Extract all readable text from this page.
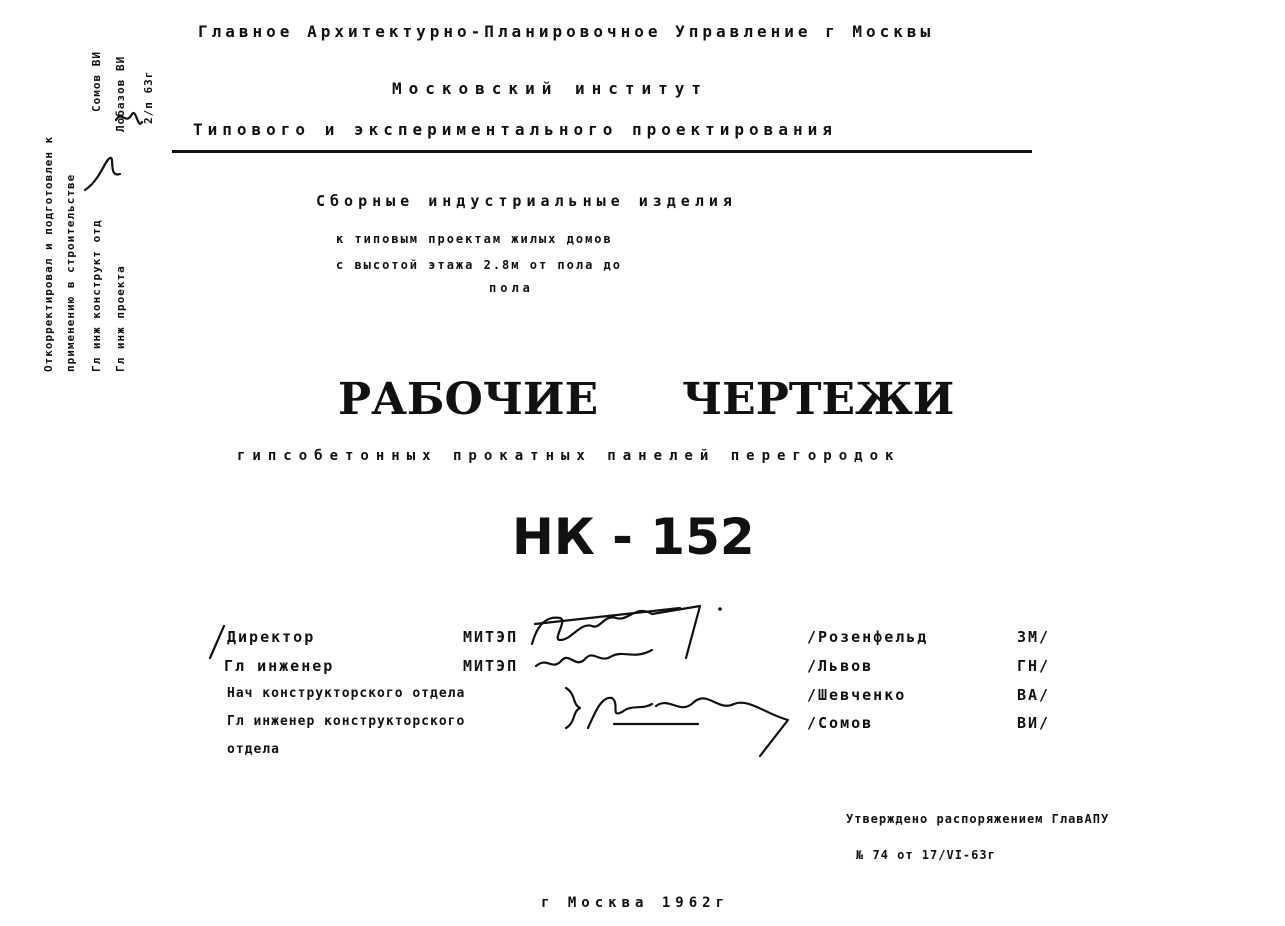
Откорректировал и подготовлен к применению в строительстве Гл инж конструкт отд
Сомов ВИ
Гл инж проекта
Лобазов ВИ 2/п 63г
Главное Архитектурно-Планировочное Управление г Москвы
Московский институт
Типового и экспериментального проектирования
Сборные индустриальные изделия
к типовым проектам жилых домов
с высотой этажа 2.8м от пола до
пола
РАБОЧИЕ ЧЕРТЕЖИ
гипсобетонных прокатных панелей перегородок
НК - 152
Директор	МИТЭП	/Розенфельд	ЗМ/
Гл инженер	МИТЭП	/Львов	ГН/
Нач конструкторского отдела	/Шевченко	ВА/
Гл инженер конструкторского	/Сомов	ВИ/
отдела
Утверждено распоряжением ГлавАПУ
№ 74 от 17/VI-63г
г Москва 1962г
